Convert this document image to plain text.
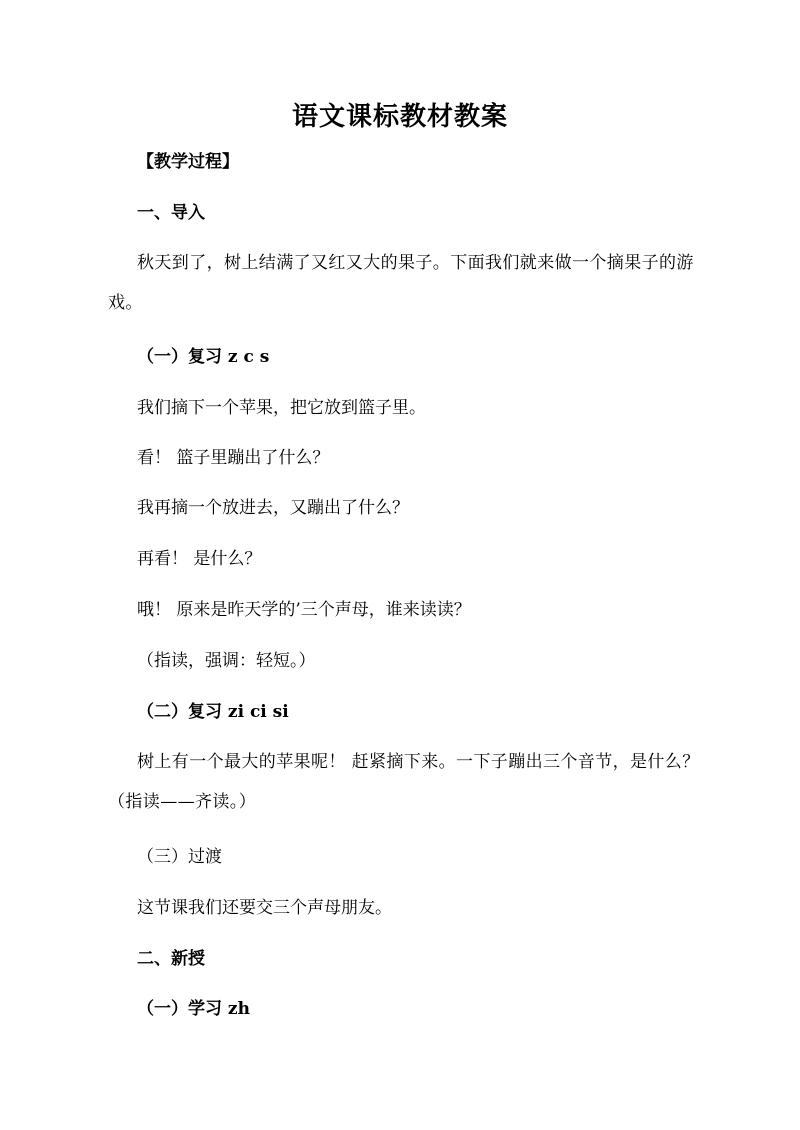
语文课标教材教案
【教学过程】
一、导入
秋天到了，树上结满了又红又大的果子。下面我们就来做一个摘果子的游戏。
（一）复习 z c s
我们摘下一个苹果，把它放到篮子里。
看！ 篮子里蹦出了什么？
我再摘一个放进去，又蹦出了什么？
再看！ 是什么？
哦！ 原来是昨天学的’三个声母，谁来读读？
（指读，强调：轻短。）
（二）复习 zi ci si
树上有一个最大的苹果呢！ 赶紧摘下来。一下子蹦出三个音节，是什么？（指读——齐读。）
（三）过渡
这节课我们还要交三个声母朋友。
二、新授
（一）学习 zh
